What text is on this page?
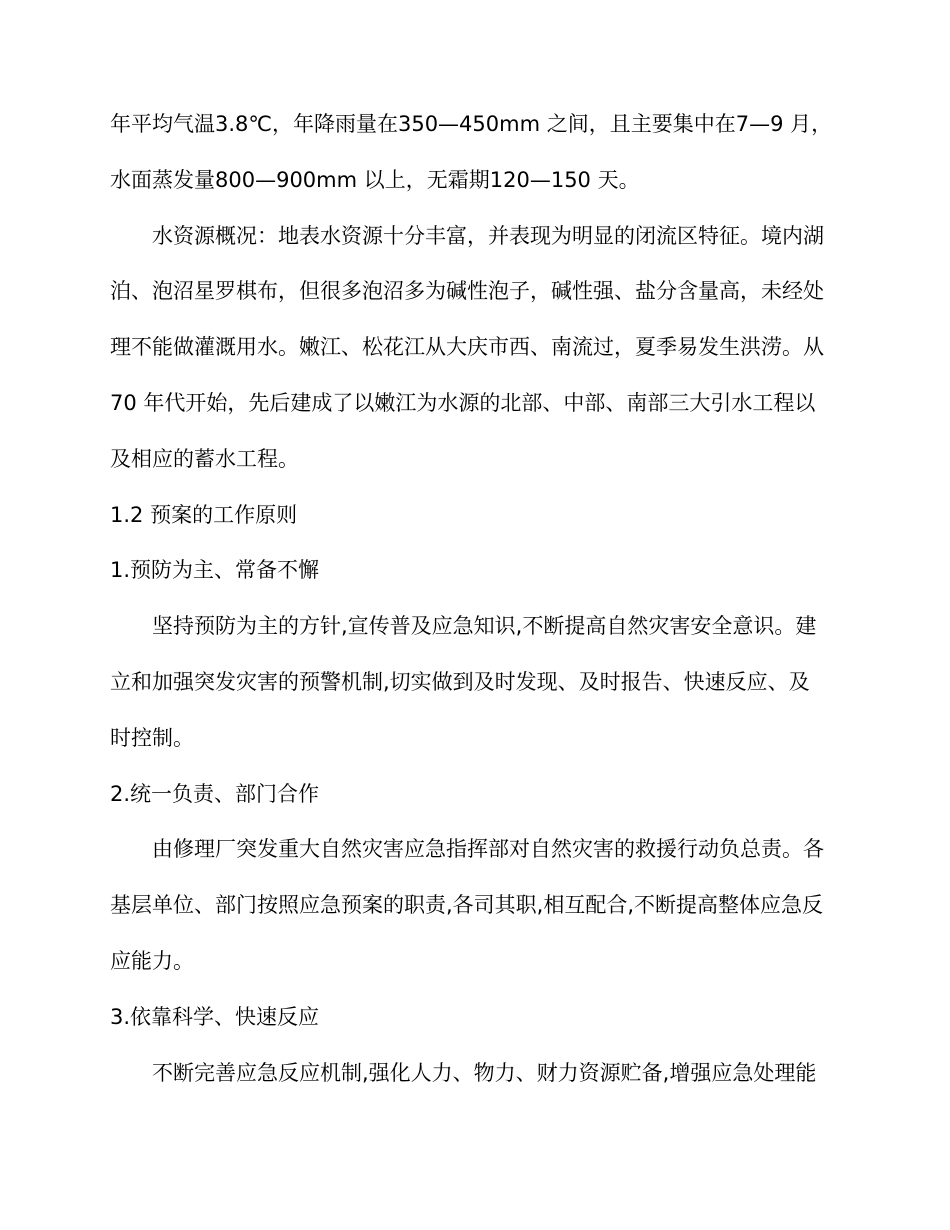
年平均气温3.8℃，年降雨量在350—450mm 之间，且主要集中在7—9 月，
水面蒸发量800—900mm 以上，无霜期120—150 天。
水资源概况：地表水资源十分丰富，并表现为明显的闭流区特征。境内湖
泊、泡沼星罗棋布，但很多泡沼多为碱性泡子，碱性强、盐分含量高，未经处
理不能做灌溉用水。嫩江、松花江从大庆市西、南流过，夏季易发生洪涝。从
70 年代开始，先后建成了以嫩江为水源的北部、中部、南部三大引水工程以
及相应的蓄水工程。
1.2 预案的工作原则
1.预防为主、常备不懈
坚持预防为主的方针,宣传普及应急知识,不断提高自然灾害安全意识。建
立和加强突发灾害的预警机制,切实做到及时发现、及时报告、快速反应、及
时控制。
2.统一负责、部门合作
由修理厂突发重大自然灾害应急指挥部对自然灾害的救援行动负总责。各
基层单位、部门按照应急预案的职责,各司其职,相互配合,不断提高整体应急反
应能力。
3.依靠科学、快速反应
不断完善应急反应机制,强化人力、物力、财力资源贮备,增强应急处理能
